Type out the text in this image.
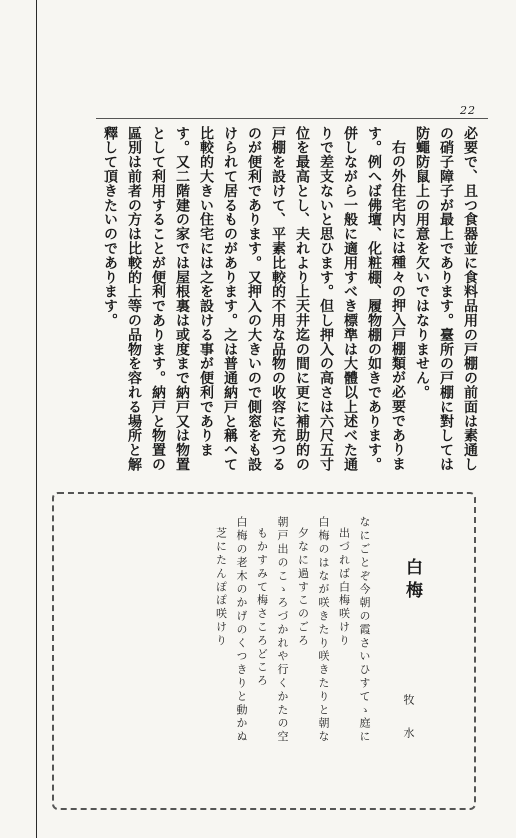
22

必要で、且つ食器並に食料品用の戸棚の前面は素通しの硝子障子が最上であります。臺所の戸棚に對しては防蠅防鼠上の用意を欠いではなりません。

右の外住宅内には種々の押入戸棚類が必要であります。例へば佛壇、化粧棚、履物棚の如きであります。併しながら一般に適用すべき標準は大體以上述べた通りで差支ないと思ひます。但し押入の高さは六尺五寸位を最高とし、夫れより上天井迄の間に更に補助的の戸棚を設けて、平素比較的不用な品物の收容に充つるのが便利であります。又押入の大きいので側窓をも設けられて居るものがあります。之は普通納戸と稱へて比較的大きい住宅には之を設ける事が便利であります。又二階建の家では屋根裏は或度まで納戸又は物置として利用することが便利であります。納戸と物置の區別は前者の方は比較的上等の品物を容れる場所と解釋して頂きたいのであります。

白梅
牧水
なにごとぞ今朝の霞さいひすてゝ庭に
出づれば白梅咲けり
白梅のはなが咲きたり咲きたりと朝な
夕なに過すこのごろ
朝戸出のこゝろづかれや行くかたの空
もかすみて梅さころどころ
白梅の老木のかげのくつきりと動かぬ
芝にたんぽぽ咲けり
